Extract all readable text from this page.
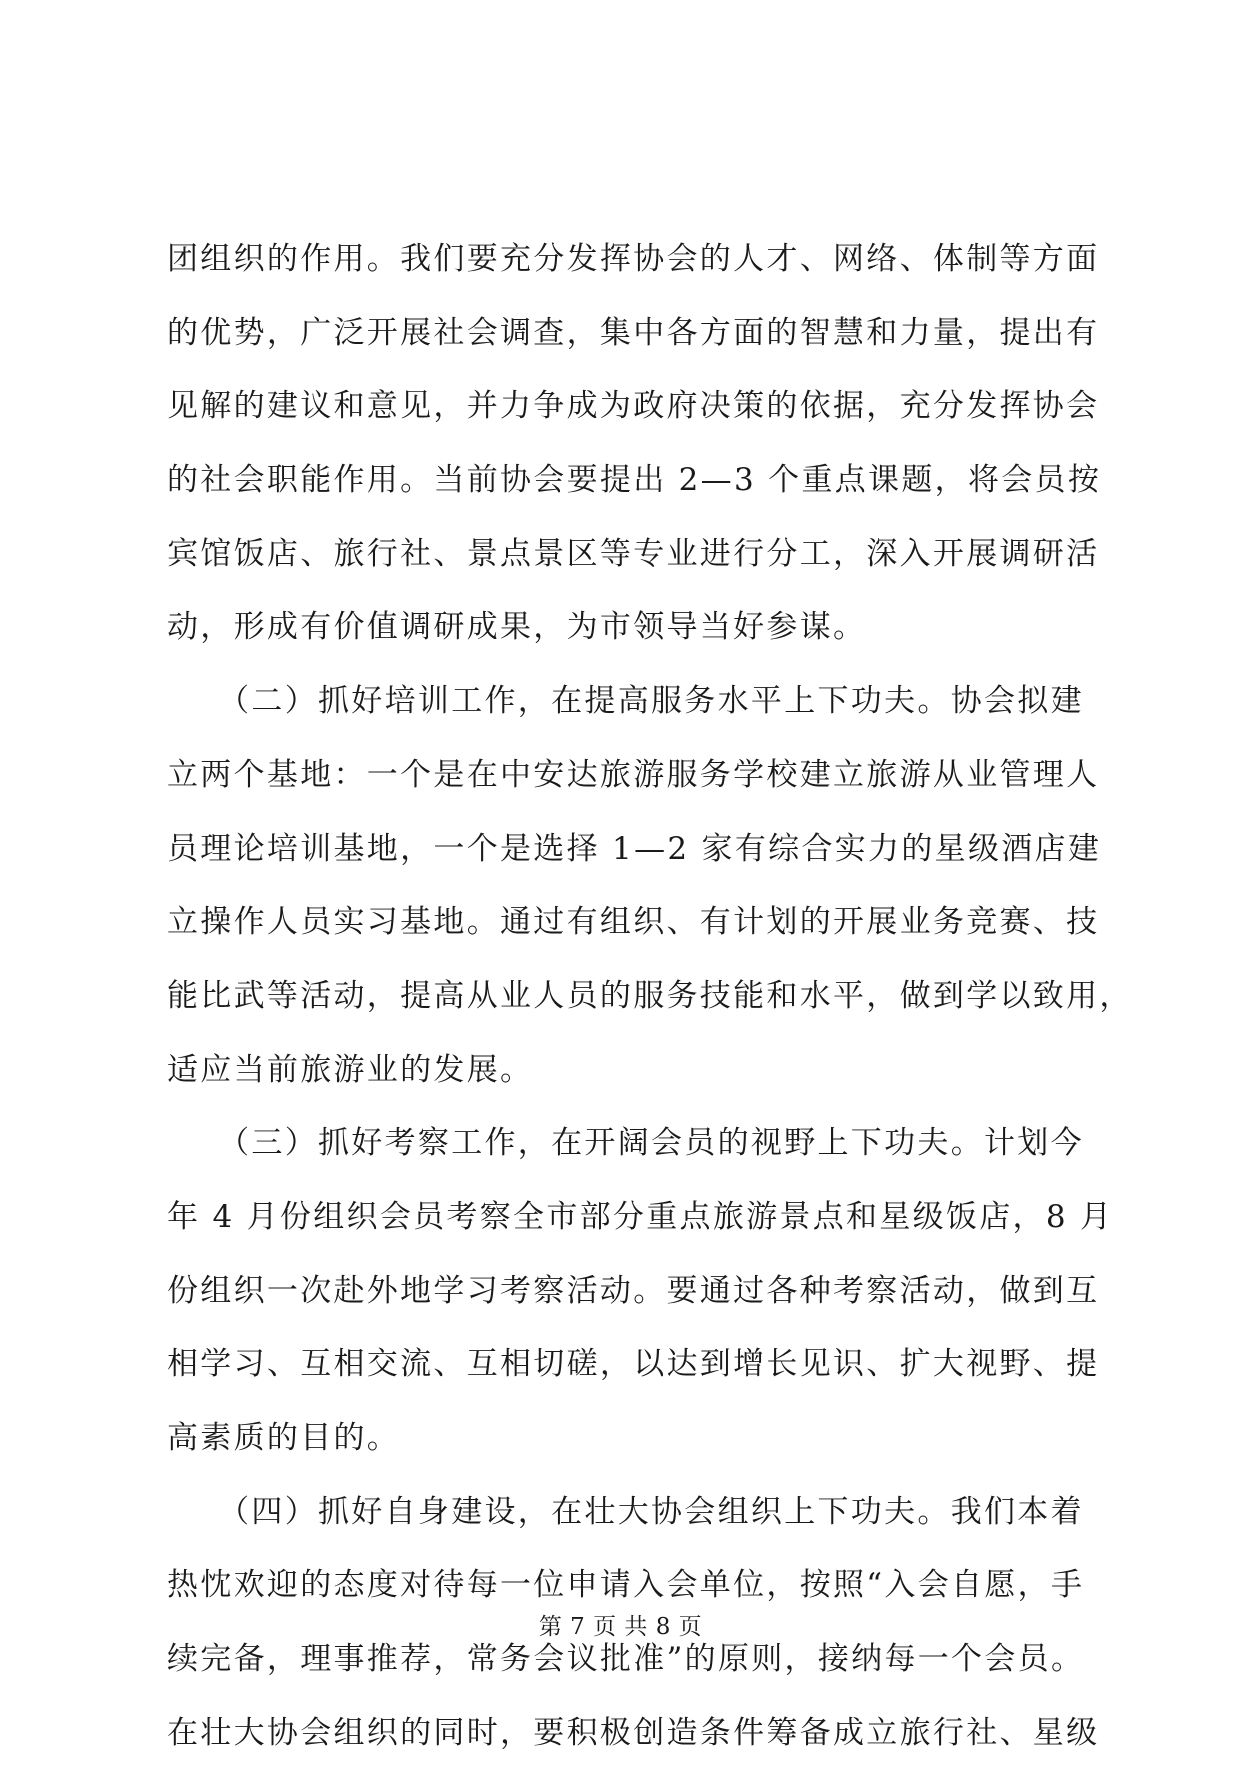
团组织的作用。我们要充分发挥协会的人才、网络、体制等方面
的优势，广泛开展社会调查，集中各方面的智慧和力量，提出有
见解的建议和意见，并力争成为政府决策的依据，充分发挥协会
的社会职能作用。当前协会要提出 2—3 个重点课题，将会员按
宾馆饭店、旅行社、景点景区等专业进行分工，深入开展调研活
动，形成有价值调研成果，为市领导当好参谋。
　　（二）抓好培训工作，在提高服务水平上下功夫。协会拟建
立两个基地：一个是在中安达旅游服务学校建立旅游从业管理人
员理论培训基地，一个是选择 1—2 家有综合实力的星级酒店建
立操作人员实习基地。通过有组织、有计划的开展业务竞赛、技
能比武等活动，提高从业人员的服务技能和水平，做到学以致用，
适应当前旅游业的发展。
　　（三）抓好考察工作，在开阔会员的视野上下功夫。计划今
年 4 月份组织会员考察全市部分重点旅游景点和星级饭店，8 月
份组织一次赴外地学习考察活动。要通过各种考察活动，做到互
相学习、互相交流、互相切磋，以达到增长见识、扩大视野、提
高素质的目的。
　　（四）抓好自身建设，在壮大协会组织上下功夫。我们本着
热忱欢迎的态度对待每一位申请入会单位，按照“入会自愿，手
续完备，理事推荐，常务会议批准”的原则，接纳每一个会员。
在壮大协会组织的同时，要积极创造条件筹备成立旅行社、星级
第 7 页 共 8 页
